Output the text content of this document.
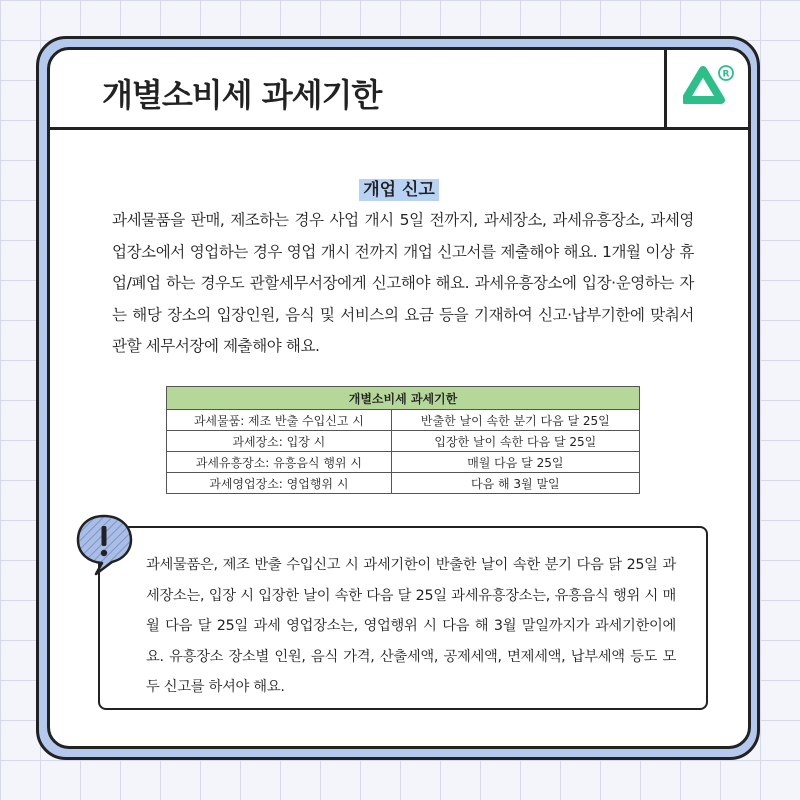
개별소비세 과세기한
R
개업 신고
과세물품을 판매, 제조하는 경우 사업 개시 5일 전까지, 과세장소, 과세유흥장소, 과세영업장소에서 영업하는 경우 영업 개시 전까지 개업 신고서를 제출해야 해요. 1개월 이상 휴업/폐업 하는 경우도 관할세무서장에게 신고해야 해요. 과세유흥장소에 입장·운영하는 자는 해당 장소의 입장인원, 음식 및 서비스의 요금 등을 기재하여 신고·납부기한에 맞춰서 관할 세무서장에 제출해야 해요.
개별소비세 과세기한	
과세물품: 제조 반출 수입신고 시	반출한 날이 속한 분기 다음 달 25일
과세장소: 입장 시	입장한 날이 속한 다음 달 25일
과세유흥장소: 유흥음식 행위 시	매월 다음 달 25일
과세영업장소: 영업행위 시	다음 해 3월 말일
과세물품은, 제조 반출 수입신고 시 과세기한이 반출한 날이 속한 분기 다음 닭 25일 과세장소는, 입장 시 입장한 날이 속한 다음 달 25일 과세유흥장소는, 유흥음식 행위 시 매월 다음 달 25일 과세 영업장소는, 영업행위 시 다음 해 3월 말일까지가 과세기한이에요. 유흥장소 장소별 인원, 음식 가격, 산출세액, 공제세액, 면제세액, 납부세액 등도 모두 신고를 하셔야 해요.
